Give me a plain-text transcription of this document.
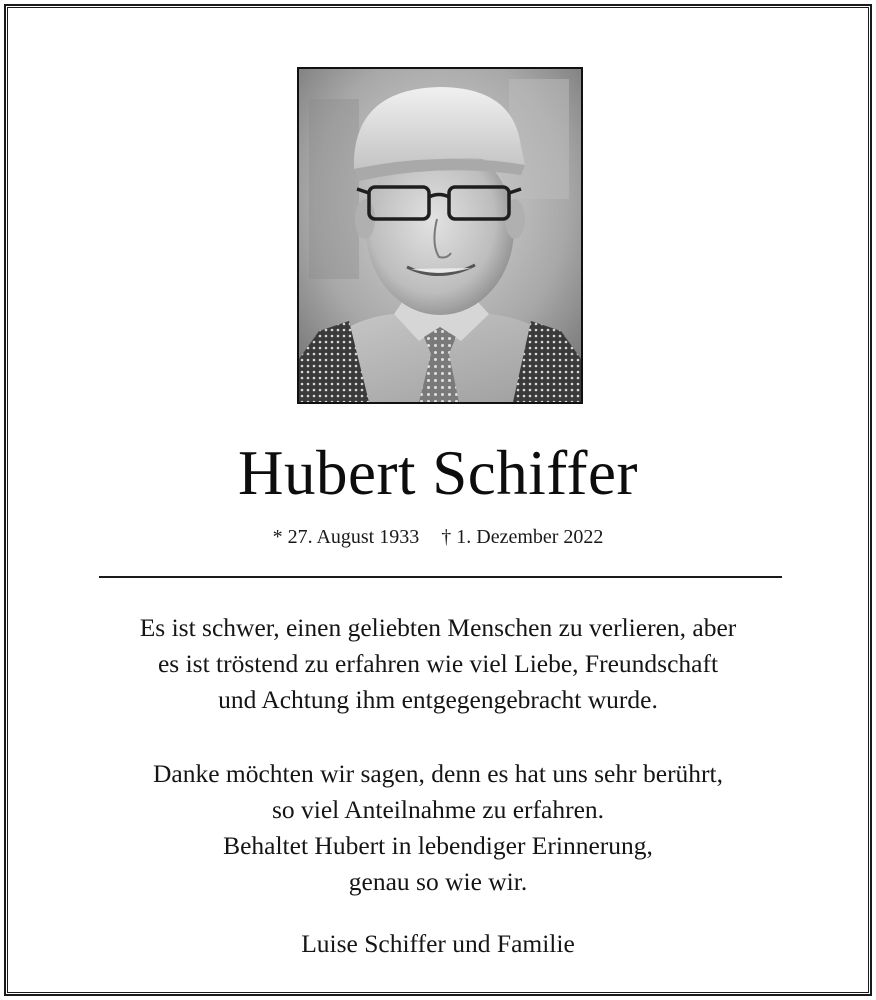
Hubert Schiffer
* 27. August 1933 † 1. Dezember 2022
Es ist schwer, einen geliebten Menschen zu verlieren, aber
es ist tröstend zu erfahren wie viel Liebe, Freundschaft
und Achtung ihm entgegengebracht wurde.
Danke möchten wir sagen, denn es hat uns sehr berührt,
so viel Anteilnahme zu erfahren.
Behaltet Hubert in lebendiger Erinnerung,
genau so wie wir.
Luise Schiffer und Familie
